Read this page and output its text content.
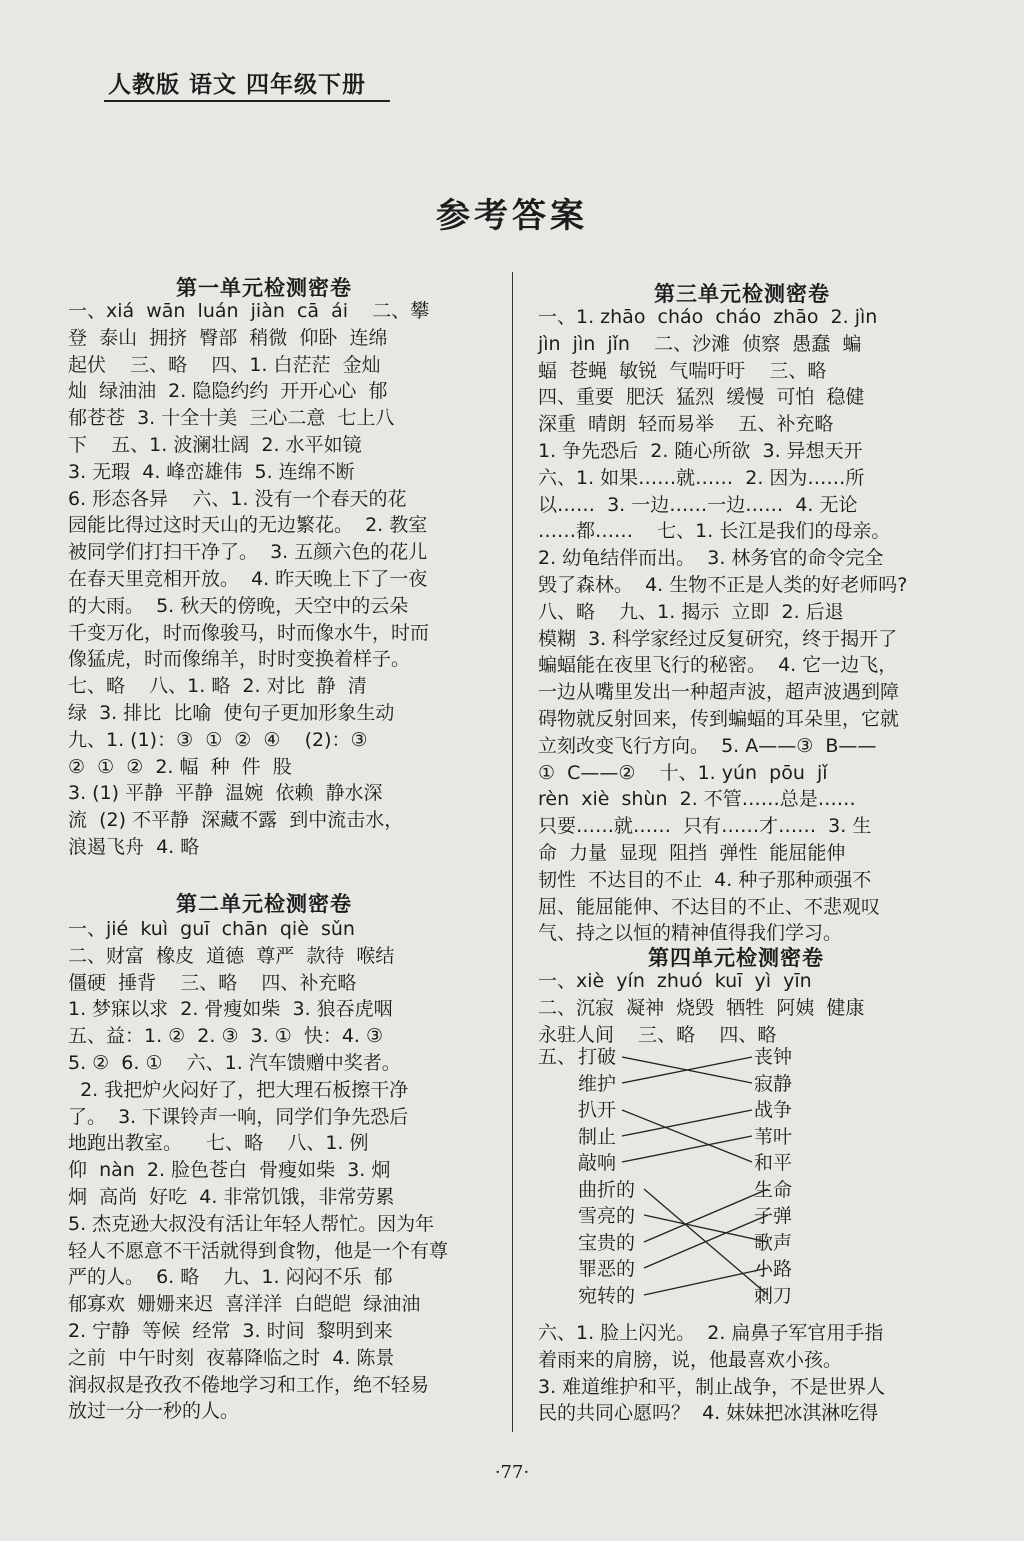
人教版 语文 四年级下册
参考答案
第一单元检测密卷
一、xiá  wān  luán  jiàn  cā  ái    二、攀
登  泰山  拥挤  臀部  稍微  仰卧  连绵
起伏    三、略    四、1. 白茫茫  金灿
灿  绿油油  2. 隐隐约约  开开心心  郁
郁苍苍  3. 十全十美  三心二意  七上八
下    五、1. 波澜壮阔  2. 水平如镜
3. 无瑕  4. 峰峦雄伟  5. 连绵不断
6. 形态各异    六、1. 没有一个春天的花
园能比得过这时天山的无边繁花。  2. 教室
被同学们打扫干净了。  3. 五颜六色的花儿
在春天里竞相开放。  4. 昨天晚上下了一夜
的大雨。  5. 秋天的傍晚，天空中的云朵
千变万化，时而像骏马，时而像水牛，时而
像猛虎，时而像绵羊，时时变换着样子。
七、略    八、1. 略  2. 对比  静  清
绿  3. 排比  比喻  使句子更加形象生动
九、1. (1)：③  ①  ②  ④    (2)：③
②  ①  ②  2. 幅  种  件  股
3. (1) 平静  平静  温婉  依赖  静水深
流  (2) 不平静  深藏不露  到中流击水，
浪遏飞舟  4. 略
第二单元检测密卷
一、jié  kuì  guī  chān  qiè  sǔn
二、财富  橡皮  道德  尊严  款待  喉结
僵硬  捶背    三、略    四、补充略
1. 梦寐以求  2. 骨瘦如柴  3. 狼吞虎咽
五、益：1. ②  2. ③  3. ①  快：4. ③
5. ②  6. ①    六、1. 汽车馈赠中奖者。
2. 我把炉火闷好了，把大理石板擦干净
了。  3. 下课铃声一响，同学们争先恐后
地跑出教室。    七、略    八、1. 例
仰  nàn  2. 脸色苍白  骨瘦如柴  3. 炯
炯  高尚  好吃  4. 非常饥饿，非常劳累
5. 杰克逊大叔没有活让年轻人帮忙。因为年
轻人不愿意不干活就得到食物，他是一个有尊
严的人。  6. 略    九、1. 闷闷不乐  郁
郁寡欢  姗姗来迟  喜洋洋  白皑皑  绿油油
2. 宁静  等候  经常  3. 时间  黎明到来
之前  中午时刻  夜幕降临之时  4. 陈景
润叔叔是孜孜不倦地学习和工作，绝不轻易
放过一分一秒的人。
第三单元检测密卷
一、1. zhāo  cháo  cháo  zhāo  2. jìn
jìn  jìn  jǐn    二、沙滩  侦察  愚蠢  蝙
蝠  苍蝇  敏锐  气喘吁吁    三、略
四、重要  肥沃  猛烈  缓慢  可怕  稳健
深重  晴朗  轻而易举    五、补充略
1. 争先恐后  2. 随心所欲  3. 异想天开
六、1. 如果……就……  2. 因为……所
以……  3. 一边……一边……  4. 无论
……都……    七、1. 长江是我们的母亲。
2. 幼龟结伴而出。  3. 林务官的命令完全
毁了森林。  4. 生物不正是人类的好老师吗?
八、略    九、1. 揭示  立即  2. 后退
模糊  3. 科学家经过反复研究，终于揭开了
蝙蝠能在夜里飞行的秘密。  4. 它一边飞，
一边从嘴里发出一种超声波，超声波遇到障
碍物就反射回来，传到蝙蝠的耳朵里，它就
立刻改变飞行方向。  5. A——③  B——
①  C——②    十、1. yún  pōu  jǐ
rèn  xiè  shùn  2. 不管……总是……
只要……就……  只有……才……  3. 生
命  力量  显现  阻挡  弹性  能屈能伸
韧性  不达目的不止  4. 种子那种顽强不
屈、能屈能伸、不达目的不止、不悲观叹
气、持之以恒的精神值得我们学习。
第四单元检测密卷
一、xiè  yín  zhuó  kuī  yì  yīn
二、沉寂  凝神  烧毁  牺牲  阿姨  健康
永驻人间    三、略    四、略
五、 打破
维护
扒开
制止
敲响
曲折的
雪亮的
宝贵的
罪恶的
宛转的
丧钟
寂静
战争
苇叶
和平
生命
子弹
歌声
小路
刺刀
六、1. 脸上闪光。  2. 扁鼻子军官用手指
着雨来的肩膀，说，他最喜欢小孩。
3. 难道维护和平，制止战争，不是世界人
民的共同心愿吗？  4. 妹妹把冰淇淋吃得
·77·
